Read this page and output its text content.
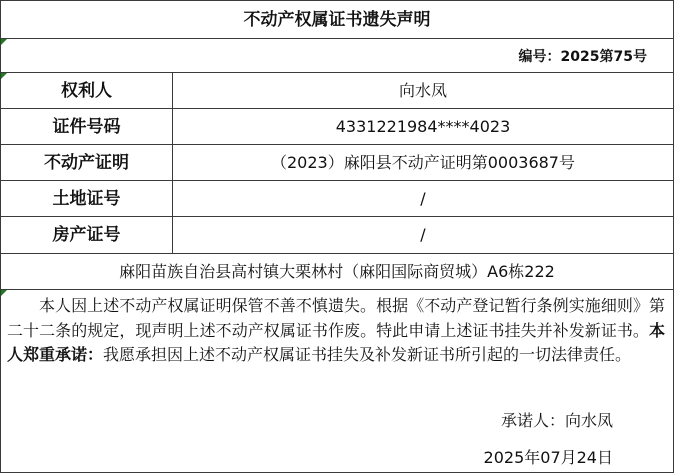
不动产权属证书遗失声明
编号：2025第75号
权利人	向水凤
证件号码	4331221984****4023
不动产证明	（2023）麻阳县不动产证明第0003687号
土地证号	/
房产证号	/
麻阳苗族自治县高村镇大栗林村（麻阳国际商贸城）A6栋222
本人因上述不动产权属证明保管不善不慎遗失。根据《不动产登记暂行条例实施细则》第二十二条的规定，现声明上述不动产权属证书作废。特此申请上述证书挂失并补发新证书。本人郑重承诺：我愿承担因上述不动产权属证书挂失及补发新证书所引起的一切法律责任。
承诺人：向水凤
2025年07月24日
